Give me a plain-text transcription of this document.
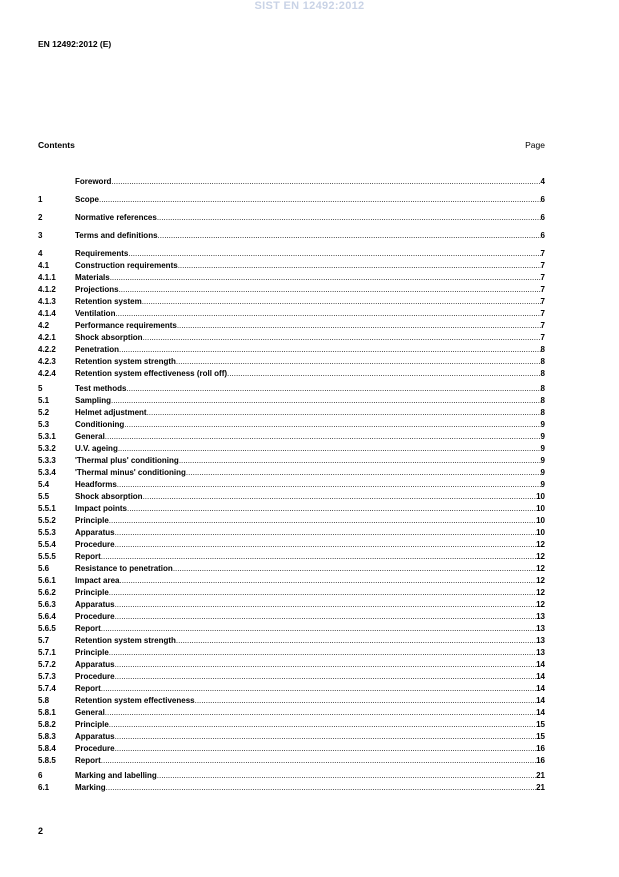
SIST EN 12492:2012
EN 12492:2012 (E)
Contents	Page
Foreword .....	4
1	Scope .....	6
2	Normative references .....	6
3	Terms and definitions .....	6
4	Requirements .....	7
4.1	Construction requirements .....	7
4.1.1	Materials .....	7
4.1.2	Projections .....	7
4.1.3	Retention system .....	7
4.1.4	Ventilation .....	7
4.2	Performance requirements .....	7
4.2.1	Shock absorption .....	7
4.2.2	Penetration .....	8
4.2.3	Retention system strength .....	8
4.2.4	Retention system effectiveness (roll off) .....	8
5	Test methods .....	8
5.1	Sampling .....	8
5.2	Helmet adjustment .....	8
5.3	Conditioning .....	9
5.3.1	General .....	9
5.3.2	U.V. ageing .....	9
5.3.3	'Thermal plus' conditioning .....	9
5.3.4	'Thermal minus' conditioning .....	9
5.4	Headforms .....	9
5.5	Shock absorption .....	10
5.5.1	Impact points .....	10
5.5.2	Principle .....	10
5.5.3	Apparatus .....	10
5.5.4	Procedure .....	12
5.5.5	Report .....	12
5.6	Resistance to penetration .....	12
5.6.1	Impact area .....	12
5.6.2	Principle .....	12
5.6.3	Apparatus .....	12
5.6.4	Procedure .....	13
5.6.5	Report .....	13
5.7	Retention system strength .....	13
5.7.1	Principle .....	13
5.7.2	Apparatus .....	14
5.7.3	Procedure .....	14
5.7.4	Report .....	14
5.8	Retention system effectiveness .....	14
5.8.1	General .....	14
5.8.2	Principle .....	15
5.8.3	Apparatus .....	15
5.8.4	Procedure .....	16
5.8.5	Report .....	16
6	Marking and labelling .....	21
6.1	Marking .....	21
2
